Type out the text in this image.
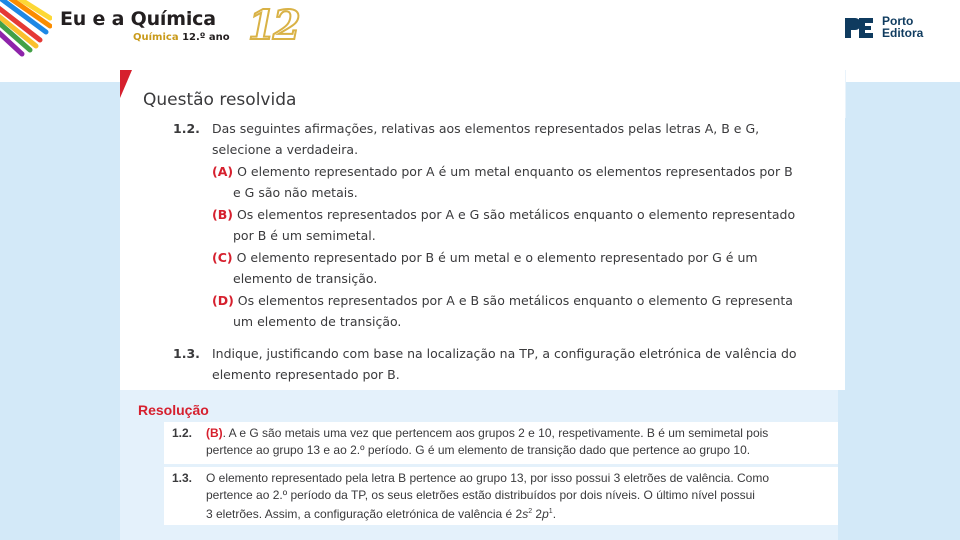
Eu e a Química
Química 12.º ano 12	Porto
Editora
Questão resolvida
1.2. Das seguintes afirmações, relativas aos elementos representados pelas letras A, B e G,
selecione a verdadeira.
(A) O elemento representado por A é um metal enquanto os elementos representados por B
e G são não metais.
(B) Os elementos representados por A e G são metálicos enquanto o elemento representado
por B é um semimetal.
(C) O elemento representado por B é um metal e o elemento representado por G é um
elemento de transição.
(D) Os elementos representados por A e B são metálicos enquanto o elemento G representa
um elemento de transição.
1.3. Indique, justificando com base na localização na TP, a configuração eletrónica de valência do
elemento representado por B.
Resolução
1.2. (B). A e G são metais uma vez que pertencem aos grupos 2 e 10, respetivamente. B é um semimetal pois
pertence ao grupo 13 e ao 2.º período. G é um elemento de transição dado que pertence ao grupo 10.
1.3. O elemento representado pela letra B pertence ao grupo 13, por isso possui 3 eletrões de valência. Como
pertence ao 2.º período da TP, os seus eletrões estão distribuídos por dois níveis. O último nível possui
3 eletrões. Assim, a configuração eletrónica de valência é $2s^2$ $2p^1$.
